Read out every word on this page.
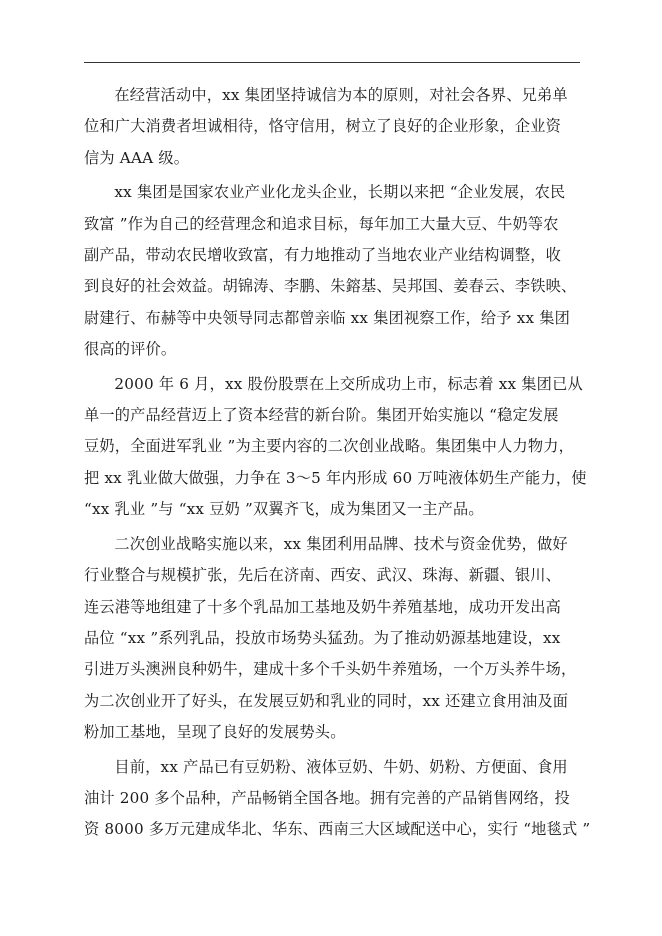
在经营活动中，xx 集团坚持诚信为本的原则，对社会各界、兄弟单
位和广大消费者坦诚相待，恪守信用，树立了良好的企业形象，企业资
信为 AAA 级。

xx 集团是国家农业产业化龙头企业，长期以来把 “企业发展，农民
致富 ”作为自己的经营理念和追求目标，每年加工大量大豆、牛奶等农
副产品，带动农民增收致富，有力地推动了当地农业产业结构调整，收
到良好的社会效益。胡锦涛、李鹏、朱鎔基、吴邦国、姜春云、李铁映、
尉建行、布赫等中央领导同志都曾亲临 xx 集团视察工作，给予 xx 集团
很高的评价。

2000 年 6 月，xx 股份股票在上交所成功上市，标志着 xx 集团已从
单一的产品经营迈上了资本经营的新台阶。集团开始实施以 “稳定发展
豆奶，全面进军乳业 ”为主要内容的二次创业战略。集团集中人力物力，
把 xx 乳业做大做强，力争在 3～5 年内形成 60 万吨液体奶生产能力，使
“xx 乳业 ”与 “xx 豆奶 ”双翼齐飞，成为集团又一主产品。

二次创业战略实施以来，xx 集团利用品牌、技术与资金优势，做好
行业整合与规模扩张，先后在济南、西安、武汉、珠海、新疆、银川、
连云港等地组建了十多个乳品加工基地及奶牛养殖基地，成功开发出高
品位 “xx ”系列乳品，投放市场势头猛劲。为了推动奶源基地建设，xx
引进万头澳洲良种奶牛，建成十多个千头奶牛养殖场，一个万头养牛场，
为二次创业开了好头，在发展豆奶和乳业的同时，xx 还建立食用油及面
粉加工基地，呈现了良好的发展势头。

目前，xx 产品已有豆奶粉、液体豆奶、牛奶、奶粉、方便面、食用
油计 200 多个品种，产品畅销全国各地。拥有完善的产品销售网络，投
资 8000 多万元建成华北、华东、西南三大区域配送中心，实行 “地毯式 ”
